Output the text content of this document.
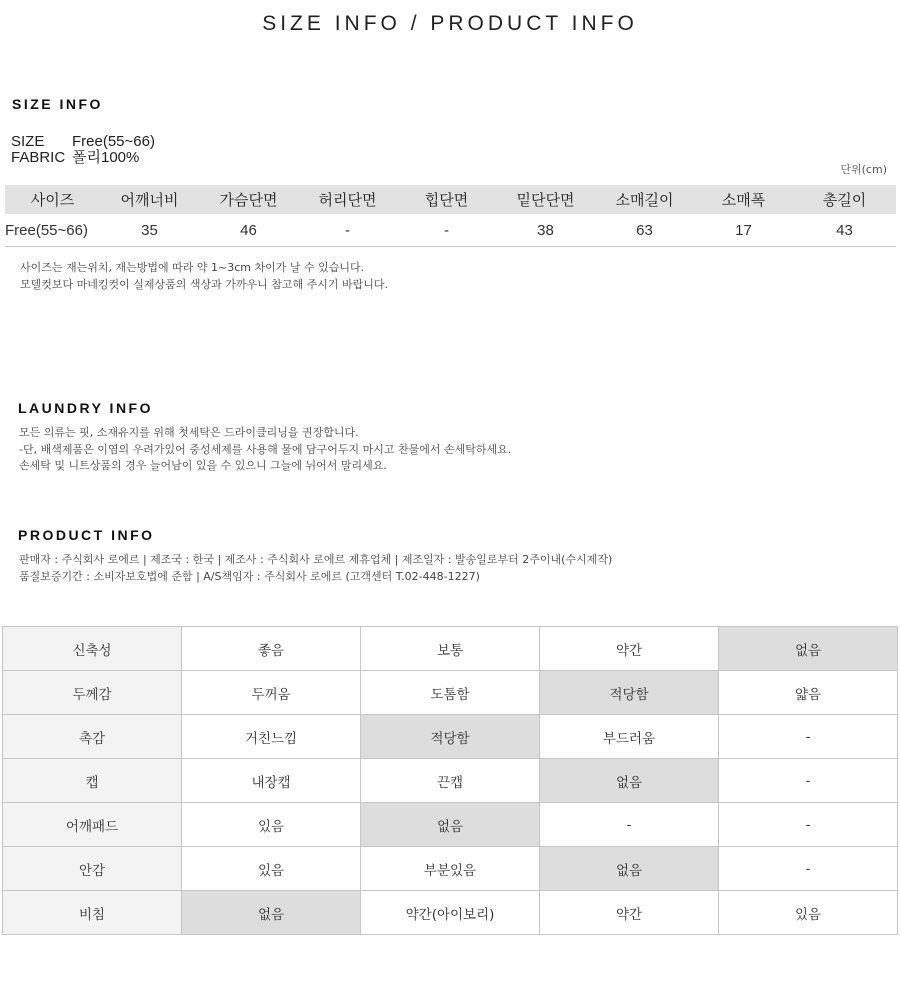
SIZE INFO / PRODUCT INFO
SIZE INFO
SIZE Free(55~66)
FABRIC 폴리100%
단위(cm)
사이즈	어깨너비	가슴단면	허리단면	힙단면	밑단단면	소매길이	소매폭	총길이
Free(55~66)	35	46	-	-	38	63	17	43
사이즈는 재는위치, 재는방법에 따라 약 1~3cm 차이가 날 수 있습니다.
모델컷보다 마네킹컷이 실제상품의 색상과 가까우니 참고해 주시기 바랍니다.
LAUNDRY INFO
모든 의류는 핏, 소재유지를 위해 첫세탁은 드라이클리닝을 권장합니다.
-단, 배색제품은 이염의 우려가있어 중성세제를 사용해 물에 담구어두지 마시고 찬물에서 손세탁하세요.
손세탁 및 니트상품의 경우 늘어남이 있을 수 있으니 그늘에 뉘어서 말리세요.
PRODUCT INFO
판매자 : 주식회사 로에르 | 제조국 : 한국 | 제조사 : 주식회사 로에르 제휴업체 | 제조일자 : 발송일로부터 2주이내(수시제작)
품질보증기간 : 소비자보호법에 준함 | A/S책임자 : 주식회사 로에르 (고객센터 T.02-448-1227)
신축성	좋음	보통	약간	없음
두께감	두꺼움	도톰함	적당함	얇음
촉감	거친느낌	적당함	부드러움	-
캡	내장캡	끈캡	없음	-
어깨패드	있음	없음	-	-
안감	있음	부분있음	없음	-
비침	없음	약간(아이보리)	약간	있음
